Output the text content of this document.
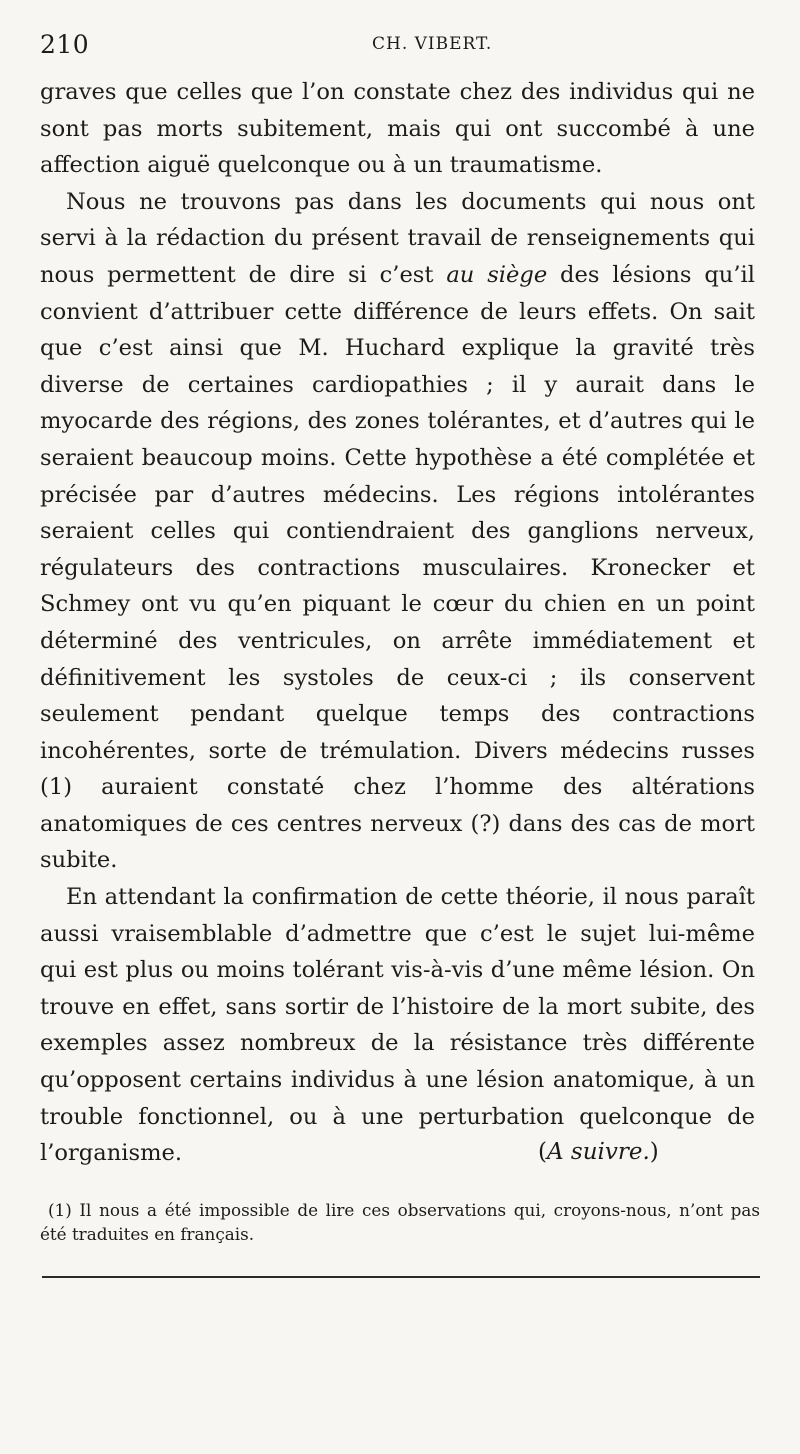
210	CH. VIBERT.

graves que celles que l’on constate chez des individus qui ne sont pas morts subitement, mais qui ont succombé à une affection aiguë quelconque ou à un traumatisme.

Nous ne trouvons pas dans les documents qui nous ont servi à la rédaction du présent travail de renseignements qui nous permettent de dire si c’est au siège des lésions qu’il convient d’attribuer cette différence de leurs effets. On sait que c’est ainsi que M. Huchard explique la gravité très diverse de certaines cardiopathies ; il y aurait dans le myocarde des régions, des zones tolérantes, et d’autres qui le seraient beaucoup moins. Cette hypothèse a été complétée et précisée par d’autres médecins. Les régions intolérantes seraient celles qui contiendraient des ganglions nerveux, régulateurs des contractions musculaires. Kronecker et Schmey ont vu qu’en piquant le cœur du chien en un point déterminé des ventricules, on arrête immédiatement et définitivement les systoles de ceux-ci ; ils conservent seulement pendant quelque temps des contractions incohérentes, sorte de trémulation. Divers médecins russes (1) auraient constaté chez l’homme des altérations anatomiques de ces centres nerveux (?) dans des cas de mort subite.

En attendant la confirmation de cette théorie, il nous paraît aussi vraisemblable d’admettre que c’est le sujet lui-même qui est plus ou moins tolérant vis-à-vis d’une même lésion. On trouve en effet, sans sortir de l’histoire de la mort subite, des exemples assez nombreux de la résistance très différente qu’opposent certains individus à une lésion anatomique, à un trouble fonctionnel, ou à une perturbation quelconque de l’organisme.	(A suivre.)

(1) Il nous a été impossible de lire ces observations qui, croyons-nous, n’ont pas été traduites en français.
